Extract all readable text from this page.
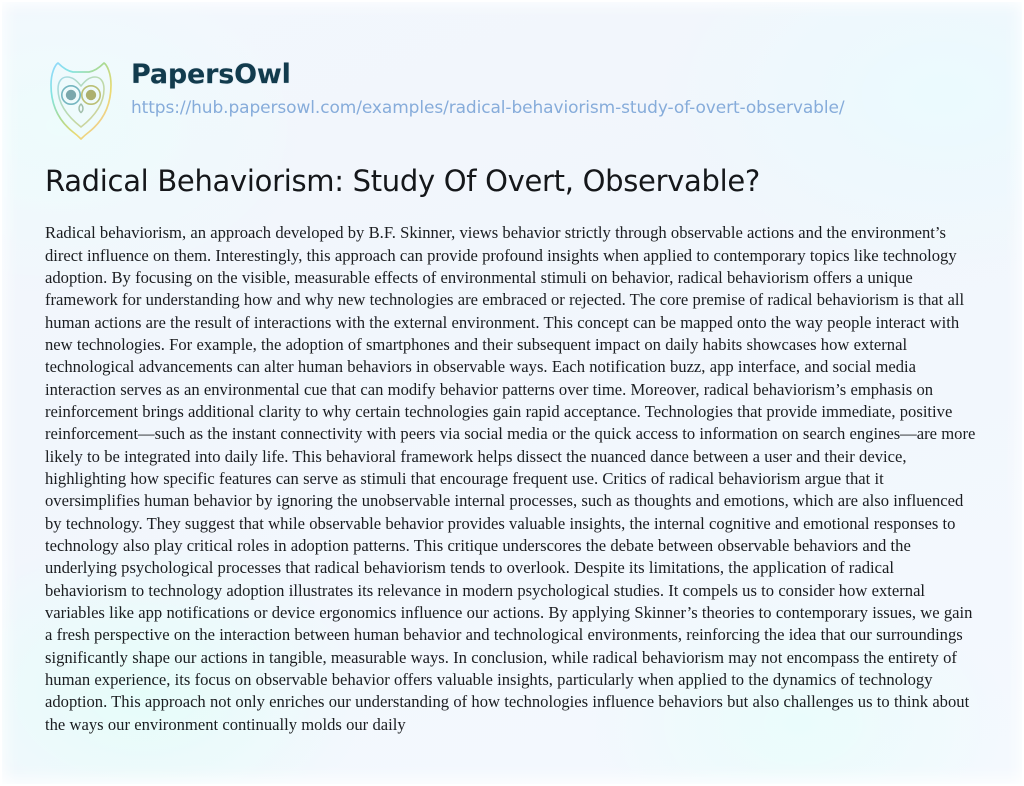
PapersOwl
https://hub.papersowl.com/examples/radical-behaviorism-study-of-overt-observable/
Radical Behaviorism: Study Of Overt, Observable?

Radical behaviorism, an approach developed by B.F. Skinner, views behavior strictly through observable actions and the environment’s direct influence on them. Interestingly, this approach can provide profound insights when applied to contemporary topics like technology adoption. By focusing on the visible, measurable effects of environmental stimuli on behavior, radical behaviorism offers a unique framework for understanding how and why new technologies are embraced or rejected. The core premise of radical behaviorism is that all human actions are the result of interactions with the external environment. This concept can be mapped onto the way people interact with new technologies. For example, the adoption of smartphones and their subsequent impact on daily habits showcases how external technological advancements can alter human behaviors in observable ways. Each notification buzz, app interface, and social media interaction serves as an environmental cue that can modify behavior patterns over time. Moreover, radical behaviorism’s emphasis on reinforcement brings additional clarity to why certain technologies gain rapid acceptance. Technologies that provide immediate, positive reinforcement—such as the instant connectivity with peers via social media or the quick access to information on search engines—are more likely to be integrated into daily life. This behavioral framework helps dissect the nuanced dance between a user and their device, highlighting how specific features can serve as stimuli that encourage frequent use. Critics of radical behaviorism argue that it oversimplifies human behavior by ignoring the unobservable internal processes, such as thoughts and emotions, which are also influenced by technology. They suggest that while observable behavior provides valuable insights, the internal cognitive and emotional responses to technology also play critical roles in adoption patterns. This critique underscores the debate between observable behaviors and the underlying psychological processes that radical behaviorism tends to overlook. Despite its limitations, the application of radical behaviorism to technology adoption illustrates its relevance in modern psychological studies. It compels us to consider how external variables like app notifications or device ergonomics influence our actions. By applying Skinner’s theories to contemporary issues, we gain a fresh perspective on the interaction between human behavior and technological environments, reinforcing the idea that our surroundings significantly shape our actions in tangible, measurable ways. In conclusion, while radical behaviorism may not encompass the entirety of human experience, its focus on observable behavior offers valuable insights, particularly when applied to the dynamics of technology adoption. This approach not only enriches our understanding of how technologies influence behaviors but also challenges us to think about the ways our environment continually molds our daily
